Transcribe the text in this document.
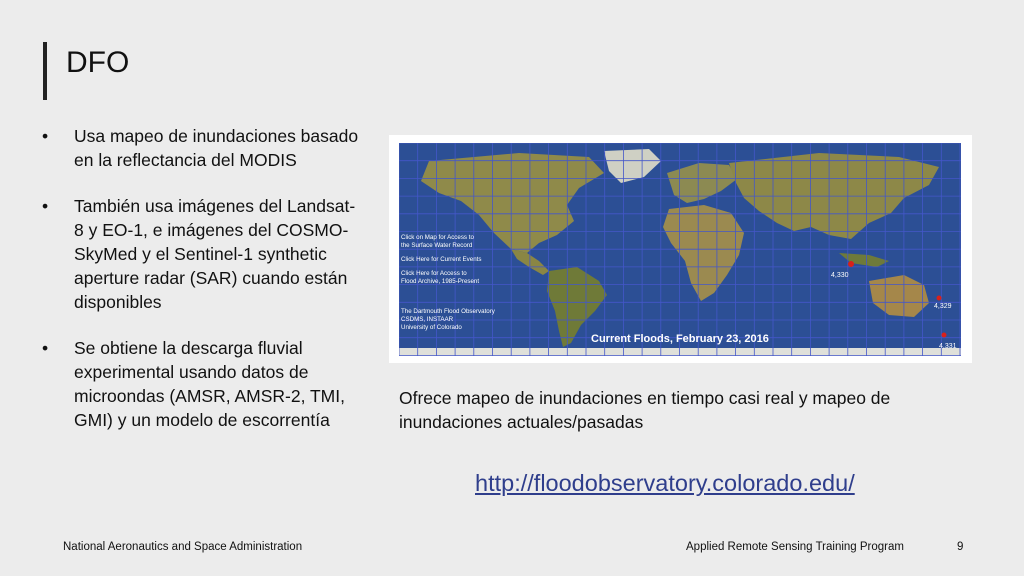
DFO
• Usa mapeo de inundaciones basado en la reflectancia del MODIS
• También usa imágenes del Landsat-8 y EO-1, e imágenes del COSMO-SkyMed y el Sentinel-1 synthetic aperture radar (SAR) cuando están disponibles
• Se obtiene la descarga fluvial experimental usando datos de microondas (AMSR, AMSR-2, TMI, GMI) y un modelo de escorrentía
Click on Map for Access to
the Surface Water Record
Click Here for Current Events
Click Here for Access to
Flood Archive, 1985-Present
The Dartmouth Flood Observatory
CSDMS, INSTAAR
University of Colorado
Current Floods, February 23, 2016
4,330
4,329
4,331
Ofrece mapeo de inundaciones en tiempo casi real y mapeo de inundaciones actuales/pasadas
http://floodobservatory.colorado.edu/
National Aeronautics and Space Administration	Applied Remote Sensing Training Program	9
